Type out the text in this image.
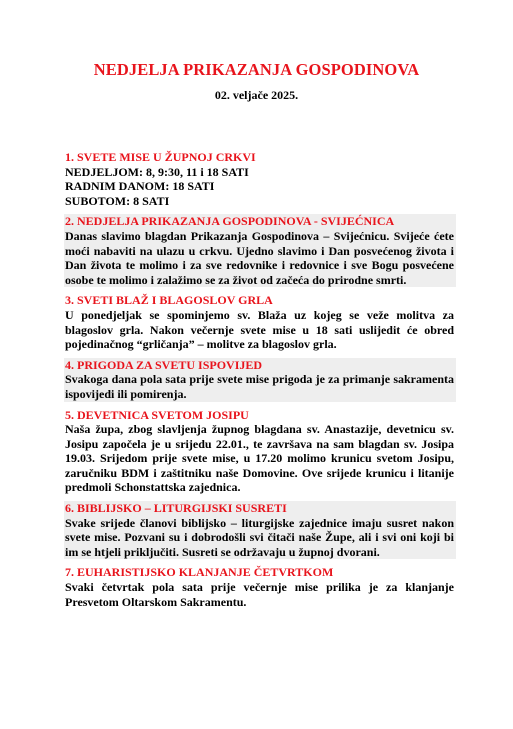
NEDJELJA PRIKAZANJA GOSPODINOVA
02. veljače 2025.
1. SVETE MISE U ŽUPNOJ CRKVI
NEDJELJOM: 8, 9:30, 11 i 18 SATI
RADNIM DANOM: 18 SATI
SUBOTOM: 8 SATI
2. NEDJELJA PRIKAZANJA GOSPODINOVA - SVIJEĆNICA
Danas slavimo blagdan Prikazanja Gospodinova – Svijećnicu. Svijeće ćete moći nabaviti na ulazu u crkvu. Ujedno slavimo i Dan posvećenog života i Dan života te molimo i za sve redovnike i redovnice i sve Bogu posvećene osobe te molimo i zalažimo se za život od začeća do prirodne smrti.
3. SVETI BLAŽ I BLAGOSLOV GRLA
U ponedjeljak se spominjemo sv. Blaža uz kojeg se veže molitva za blagoslov grla. Nakon večernje svete mise u 18 sati uslijedit će obred pojedinačnog “grličanja” – molitve za blagoslov grla.
4. PRIGODA ZA SVETU ISPOVIJED
Svakoga dana pola sata prije svete mise prigoda je za primanje sakramenta ispovijedi ili pomirenja.
5. DEVETNICA SVETOM JOSIPU
Naša župa, zbog slavljenja župnog blagdana sv. Anastazije, devetnicu sv. Josipu započela je u srijedu 22.01., te završava na sam blagdan sv. Josipa 19.03. Srijedom prije svete mise, u 17.20 molimo krunicu svetom Josipu, zaručniku BDM i zaštitniku naše Domovine. Ove srijede krunicu i litanije predmoli Schonstattska zajednica.
6. BIBLIJSKO – LITURGIJSKI SUSRETI
Svake srijede članovi biblijsko – liturgijske zajednice imaju susret nakon svete mise. Pozvani su i dobrodošli svi čitači naše Župe, ali i svi oni koji bi im se htjeli priključiti. Susreti se održavaju u župnoj dvorani.
7. EUHARISTIJSKO KLANJANJE ČETVRTKOM
Svaki četvrtak pola sata prije večernje mise prilika je za klanjanje Presvetom Oltarskom Sakramentu.
